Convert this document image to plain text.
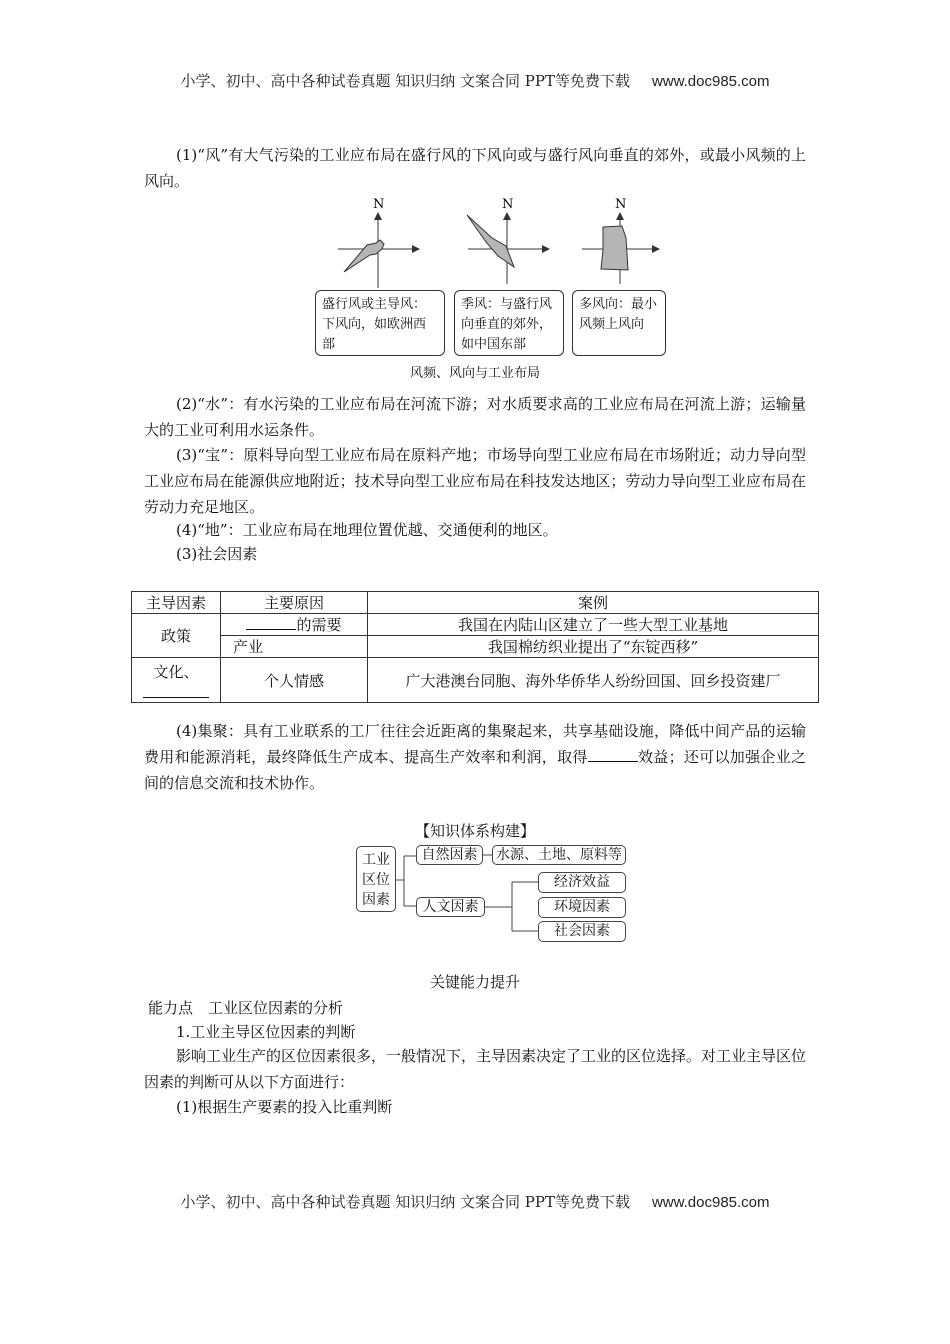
小学、初中、高中各种试卷真题 知识归纳 文案合同 PPT等免费下载 www.doc985.com
(1)“风”有大气污染的工业应布局在盛行风的下风向或与盛行风向垂直的郊外，或最小风频的上风向。
N	N	N
盛行风或主导风：下风向，如欧洲西部
季风：与盛行风向垂直的郊外，如中国东部
多风向：最小风频上风向
风频、风向与工业布局
(2)“水”：有水污染的工业应布局在河流下游；对水质要求高的工业应布局在河流上游；运输量大的工业可利用水运条件。
(3)“宝”：原料导向型工业应布局在原料产地；市场导向型工业应布局在市场附近；动力导向型工业应布局在能源供应地附近；技术导向型工业应布局在科技发达地区；劳动力导向型工业应布局在劳动力充足地区。
(4)“地”：工业应布局在地理位置优越、交通便利的地区。
(3)社会因素
主导因素	主要原因	案例
政策	的需要	我国在内陆山区建立了一些大型工业基地
	产业	我国棉纺织业提出了“东锭西移”
文化、	个人情感	广大港澳台同胞、海外华侨华人纷纷回国、回乡投资建厂
(4)集聚：具有工业联系的工厂往往会近距离的集聚起来，共享基础设施，降低中间产品的运输费用和能源消耗，最终降低生产成本、提高生产效率和利润，取得	效益；还可以加强企业之间的信息交流和技术协作。
【知识体系构建】
工业
区位
因素
自然因素	水源、土地、原料等
人文因素
经济效益
环境因素
社会因素
关键能力提升
能力点　工业区位因素的分析
1.工业主导区位因素的判断
影响工业生产的区位因素很多，一般情况下，主导因素决定了工业的区位选择。对工业主导区位因素的判断可从以下方面进行：
(1)根据生产要素的投入比重判断
小学、初中、高中各种试卷真题 知识归纳 文案合同 PPT等免费下载 www.doc985.com
